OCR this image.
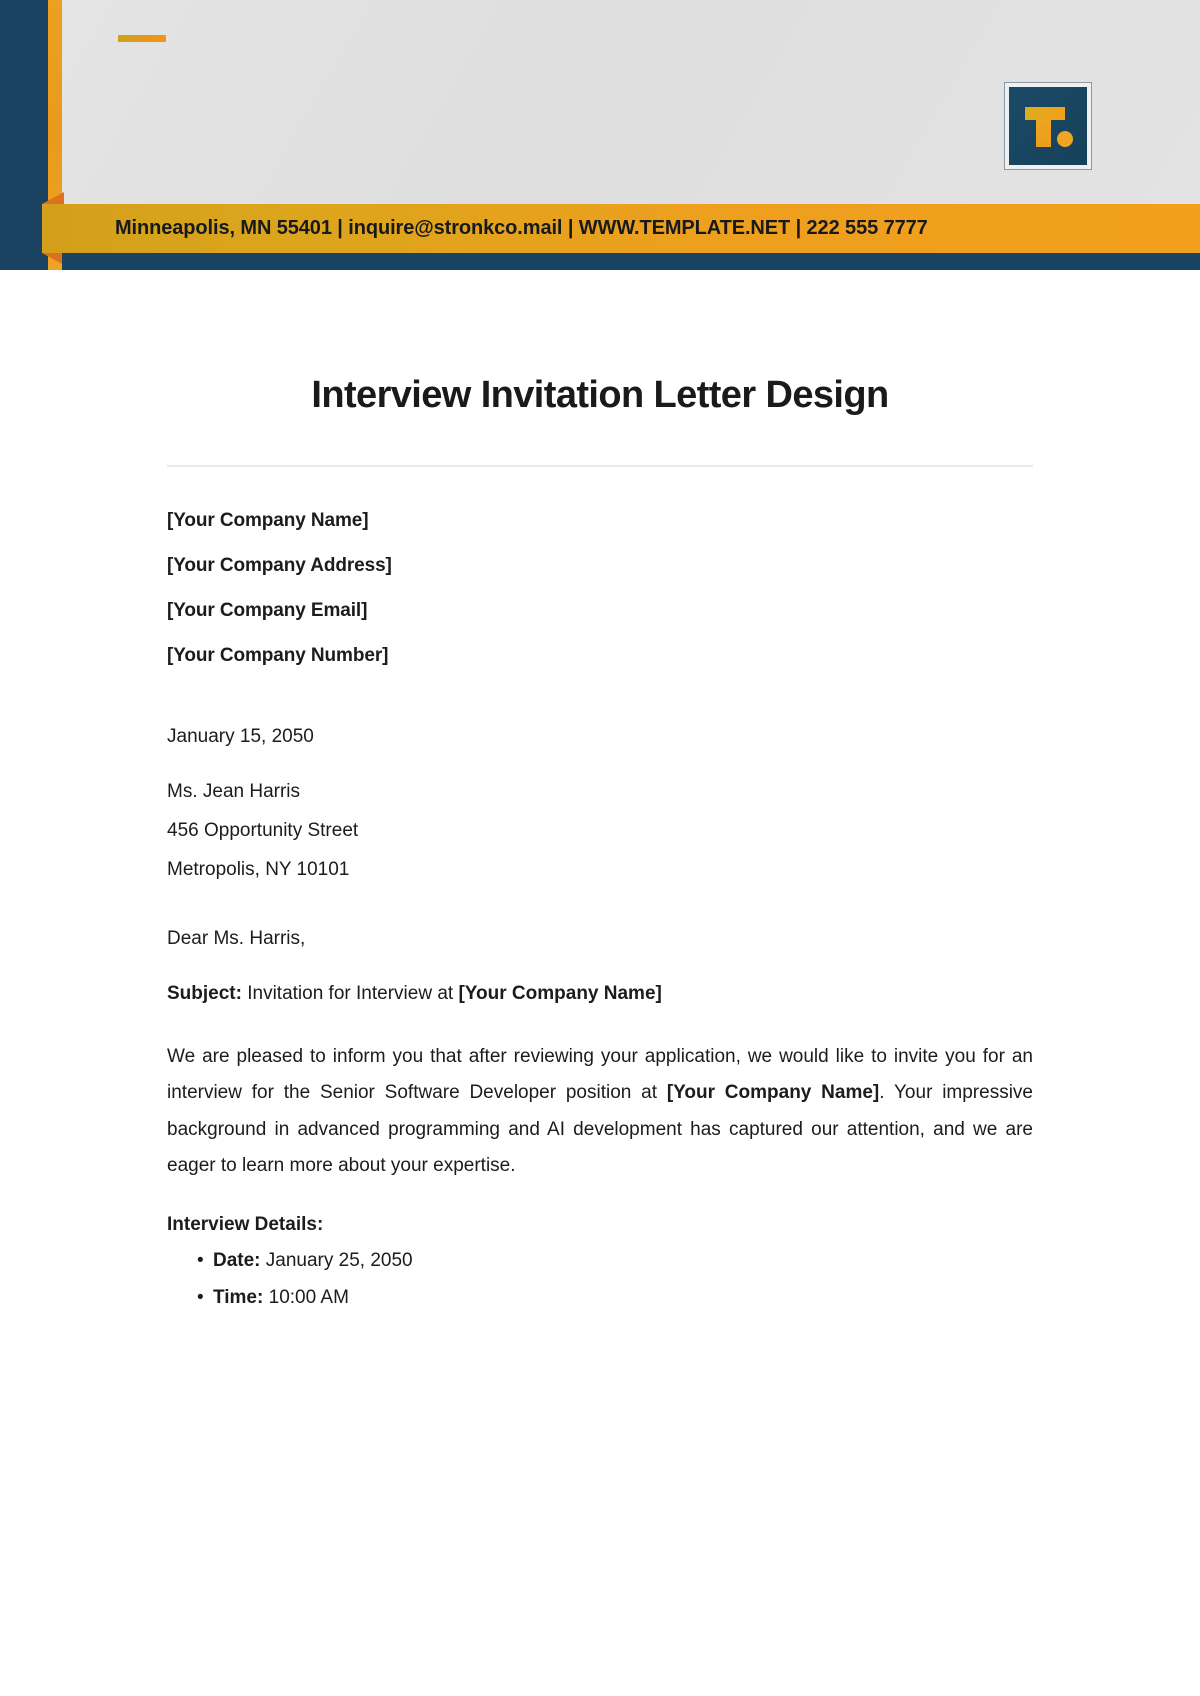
Minneapolis, MN 55401 | inquire@stronkco.mail | WWW.TEMPLATE.NET | 222 555 7777
Interview Invitation Letter Design

[Your Company Name]

[Your Company Address]

[Your Company Email]

[Your Company Number]

January 15, 2050

Ms. Jean Harris

456 Opportunity Street

Metropolis, NY 10101

Dear Ms. Harris,

Subject: Invitation for Interview at [Your Company Name]

We are pleased to inform you that after reviewing your application, we would like to invite you for an interview for the Senior Software Developer position at [Your Company Name]. Your impressive background in advanced programming and AI development has captured our attention, and we are eager to learn more about your expertise.

Interview Details:

• Date: January 25, 2050
• Time: 10:00 AM
